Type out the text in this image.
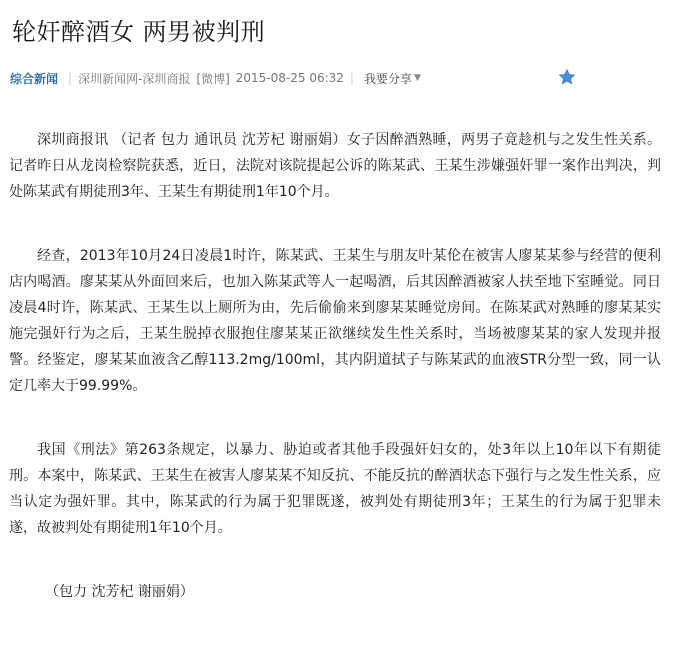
轮奸醉酒女 两男被判刑
综合新闻 | 深圳新闻网-深圳商报 [微博] 2015-08-25 06:32 | 我要分享 ▼

深圳商报讯 （记者 包力 通讯员 沈芳杞 谢丽娟）女子因醉酒熟睡，两男子竟趁机与之发生性关系。记者昨日从龙岗检察院获悉，近日，法院对该院提起公诉的陈某武、王某生涉嫌强奸罪一案作出判决，判处陈某武有期徒刑3年、王某生有期徒刑1年10个月。

经查，2013年10月24日凌晨1时许，陈某武、王某生与朋友叶某伦在被害人廖某某参与经营的便利店内喝酒。廖某某从外面回来后，也加入陈某武等人一起喝酒，后其因醉酒被家人扶至地下室睡觉。同日凌晨4时许，陈某武、王某生以上厕所为由，先后偷偷来到廖某某睡觉房间。在陈某武对熟睡的廖某某实施完强奸行为之后，王某生脱掉衣服抱住廖某某正欲继续发生性关系时，当场被廖某某的家人发现并报警。经鉴定，廖某某血液含乙醇113.2mg/100ml，其内阴道拭子与陈某武的血液STR分型一致，同一认定几率大于99.99%。

我国《刑法》第263条规定，以暴力、胁迫或者其他手段强奸妇女的，处3年以上10年以下有期徒刑。本案中，陈某武、王某生在被害人廖某某不知反抗、不能反抗的醉酒状态下强行与之发生性关系，应当认定为强奸罪。其中，陈某武的行为属于犯罪既遂，被判处有期徒刑3年；王某生的行为属于犯罪未遂，故被判处有期徒刑1年10个月。

（包力 沈芳杞 谢丽娟）
